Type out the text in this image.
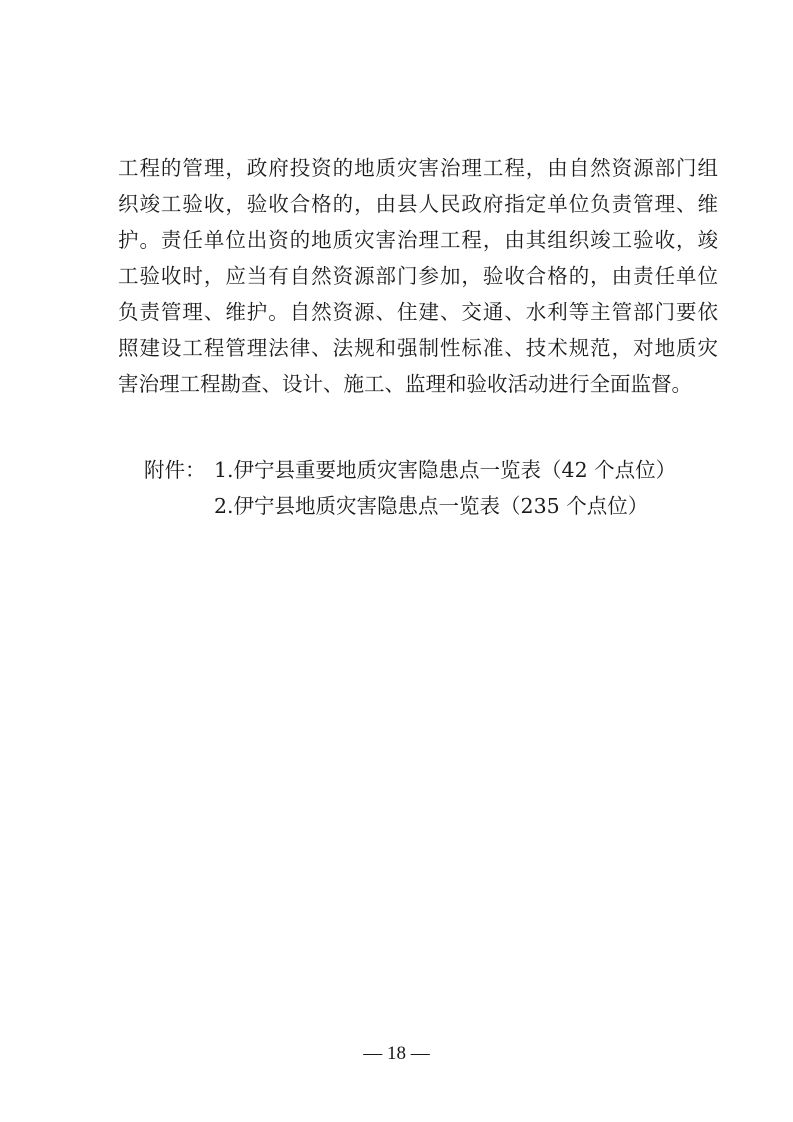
工程的管理，政府投资的地质灾害治理工程，由自然资源部门组
织竣工验收，验收合格的，由县人民政府指定单位负责管理、维
护。责任单位出资的地质灾害治理工程，由其组织竣工验收，竣
工验收时，应当有自然资源部门参加，验收合格的，由责任单位
负责管理、维护。自然资源、住建、交通、水利等主管部门要依
照建设工程管理法律、法规和强制性标准、技术规范，对地质灾
害治理工程勘查、设计、施工、监理和验收活动进行全面监督。
附件： 1.伊宁县重要地质灾害隐患点一览表（42 个点位）
2.伊宁县地质灾害隐患点一览表（235 个点位）
— 18 —
